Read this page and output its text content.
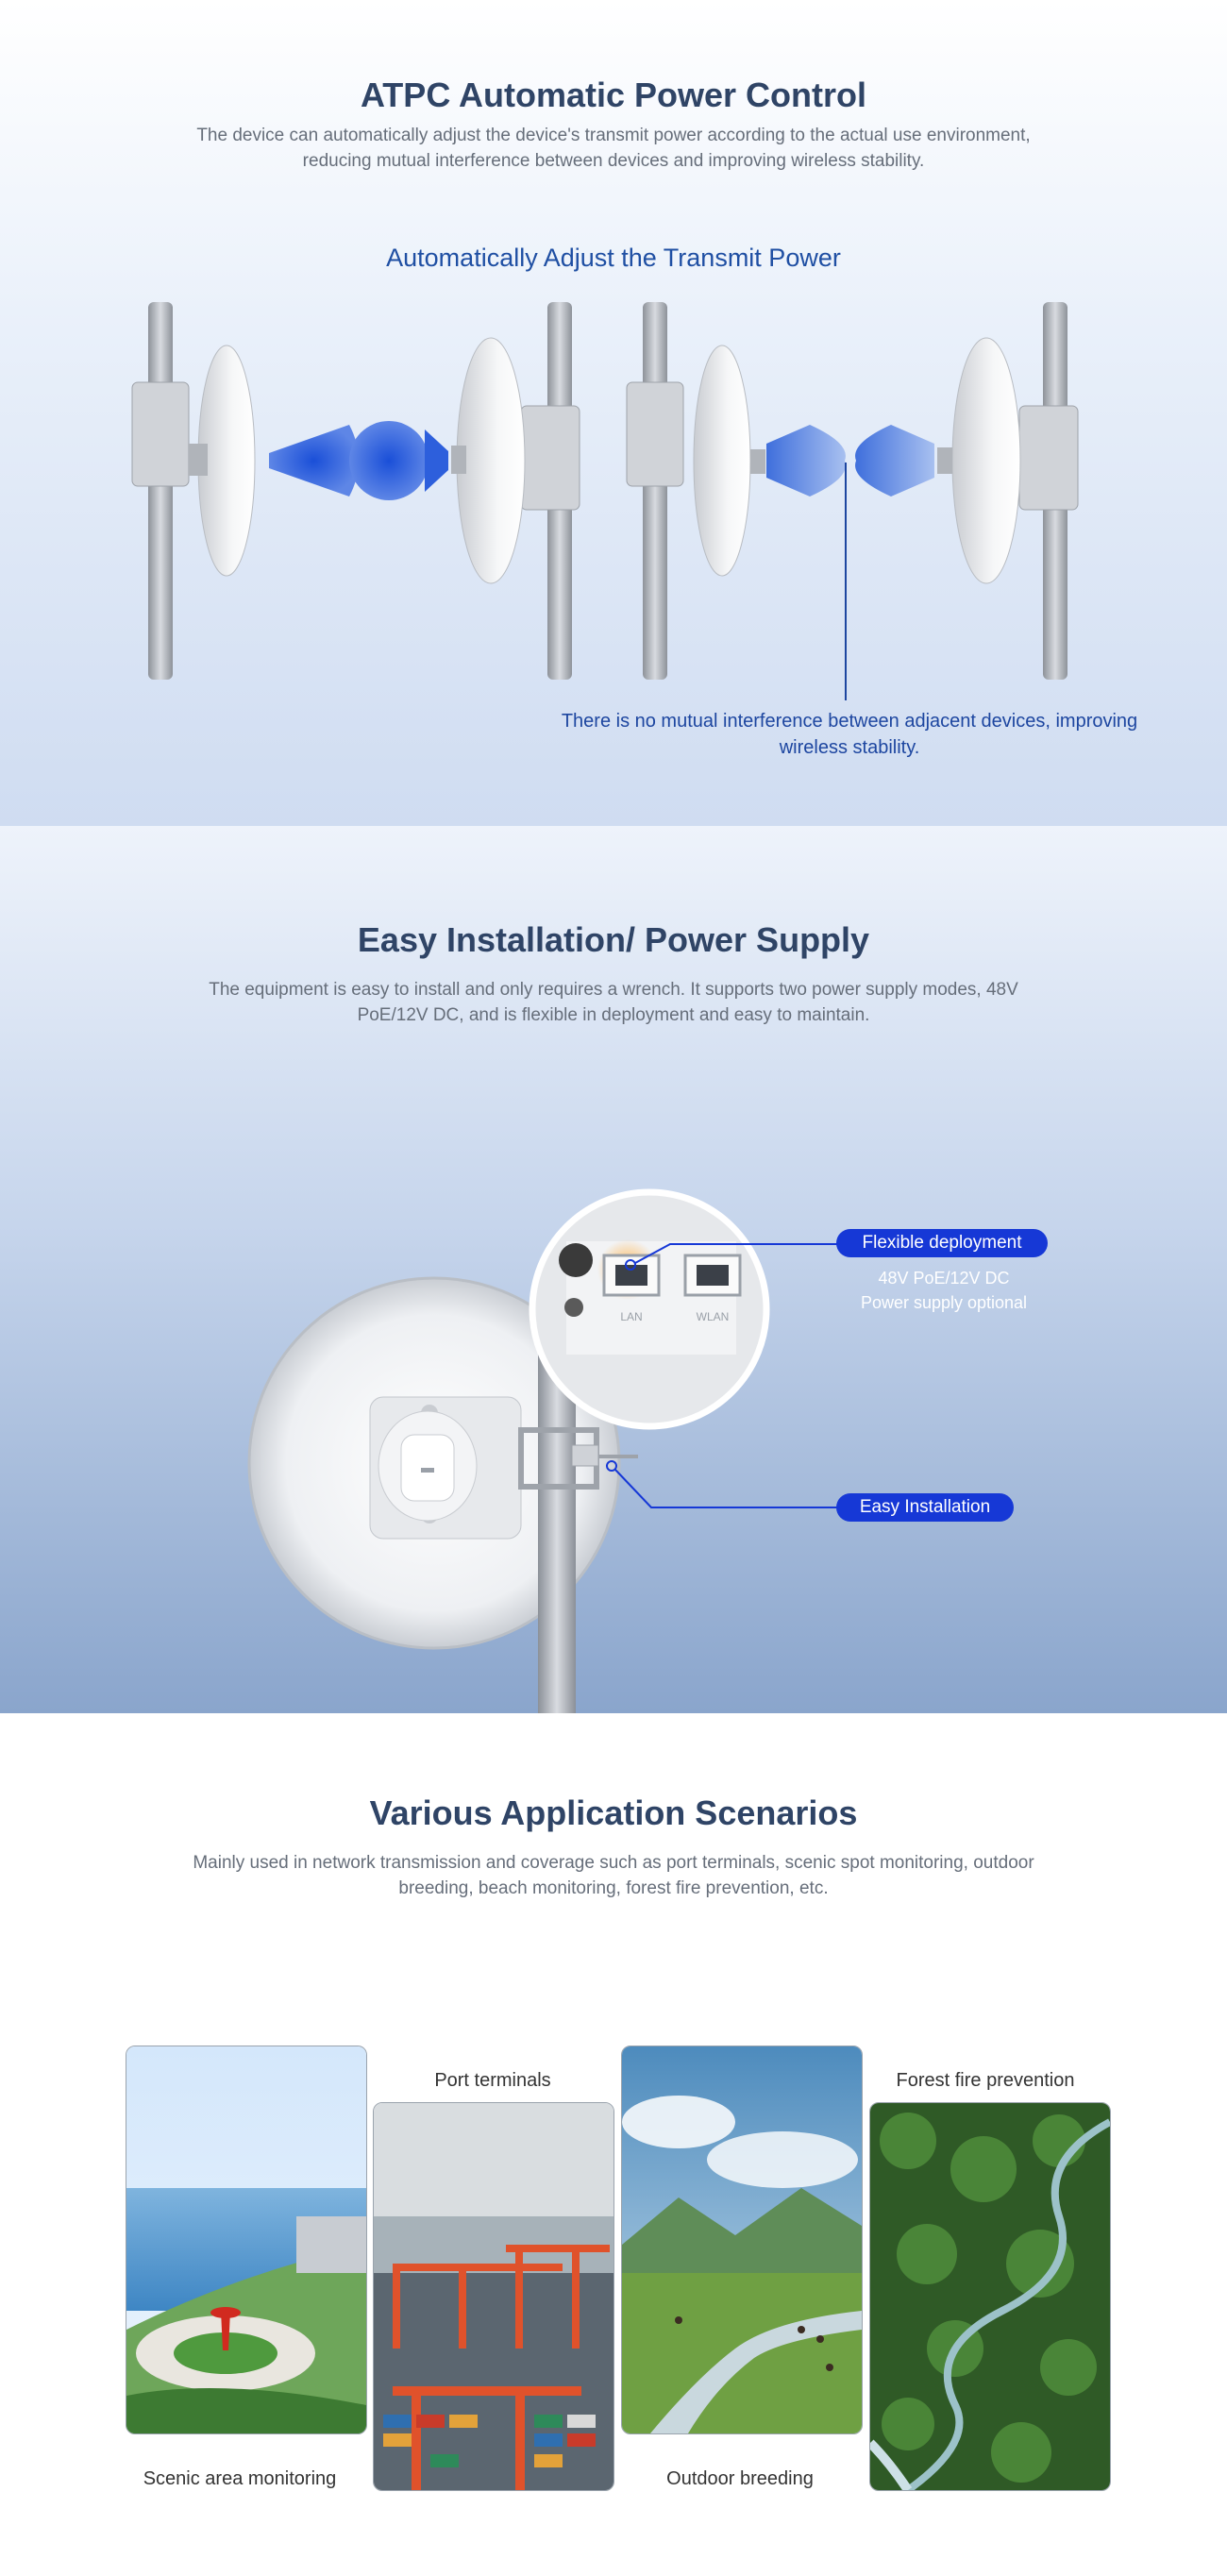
ATPC Automatic Power Control
The device can automatically adjust the device's transmit power according to the actual use environment, reducing mutual interference between devices and improving wireless stability.
Automatically Adjust the Transmit Power
There is no mutual interference between adjacent devices, improving wireless stability.
Easy Installation/ Power Supply
The equipment is easy to install and only requires a wrench. It supports two power supply modes, 48V PoE/12V DC, and is flexible in deployment and easy to maintain.
LAN	WLAN
Flexible deployment
48V PoE/12V DC
Power supply optional
Easy Installation
Various Application Scenarios
Mainly used in network transmission and coverage such as port terminals, scenic spot monitoring, outdoor breeding, beach monitoring, forest fire prevention, etc.
Scenic area monitoring
Port terminals
Outdoor breeding
Forest fire prevention
